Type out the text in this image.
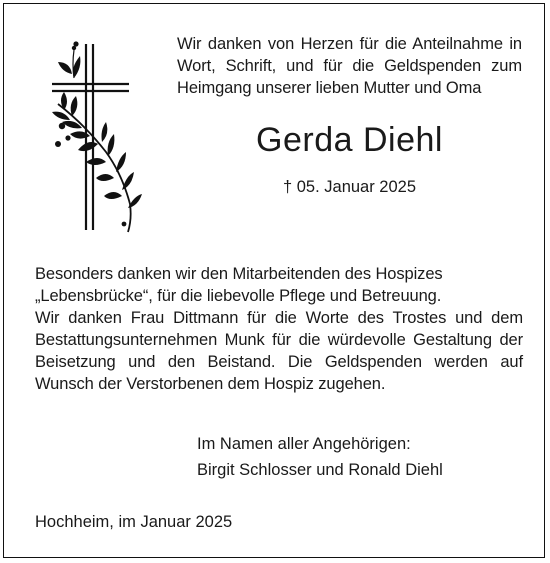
Wir danken von Herzen für die Anteilnahme in Wort, Schrift, und für die Geldspenden zum Heimgang unserer lieben Mutter und Oma
Gerda Diehl
† 05. Januar 2025

Besonders danken wir den Mitarbeitenden des Hospizes

„Lebensbrücke“, für die liebevolle Pflege und Betreuung.

Wir danken Frau Dittmann für die Worte des Trostes und dem Bestattungsunternehmen Munk für die würdevolle Gestaltung der Beisetzung und den Beistand. Die Geldspenden werden auf Wunsch der Verstorbenen dem Hospiz zugehen.

Im Namen aller Angehörigen:
Birgit Schlosser und Ronald Diehl
Hochheim, im Januar 2025
